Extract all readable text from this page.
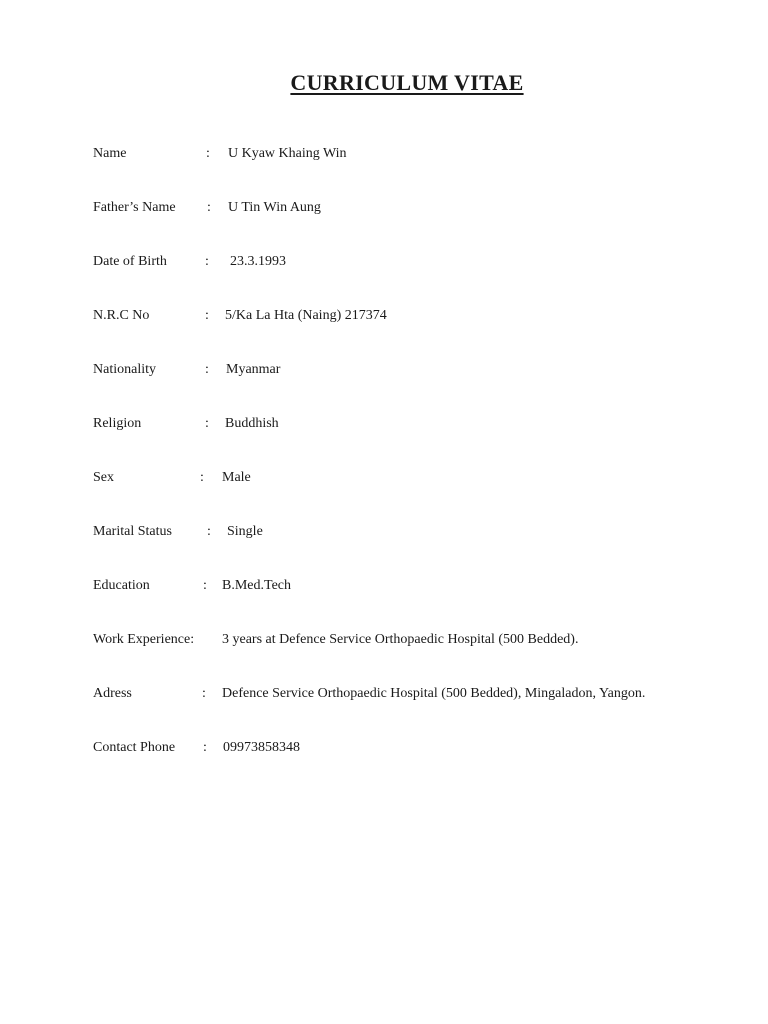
CURRICULUM VITAE
Name	: U Kyaw Khaing Win
Father’s Name : U Tin Win Aung
Date of Birth	: 23.3.1993
N.R.C No	: 5/Ka La Hta (Naing) 217374
Nationality	: Myanmar
Religion	: Buddhish
Sex	: Male
Marital Status	: Single
Education	: B.Med.Tech
Work Experience: 3 years at Defence Service Orthopaedic Hospital (500 Bedded).
Adress	: Defence Service Orthopaedic Hospital (500 Bedded), Mingaladon, Yangon.
Contact Phone : 09973858348
